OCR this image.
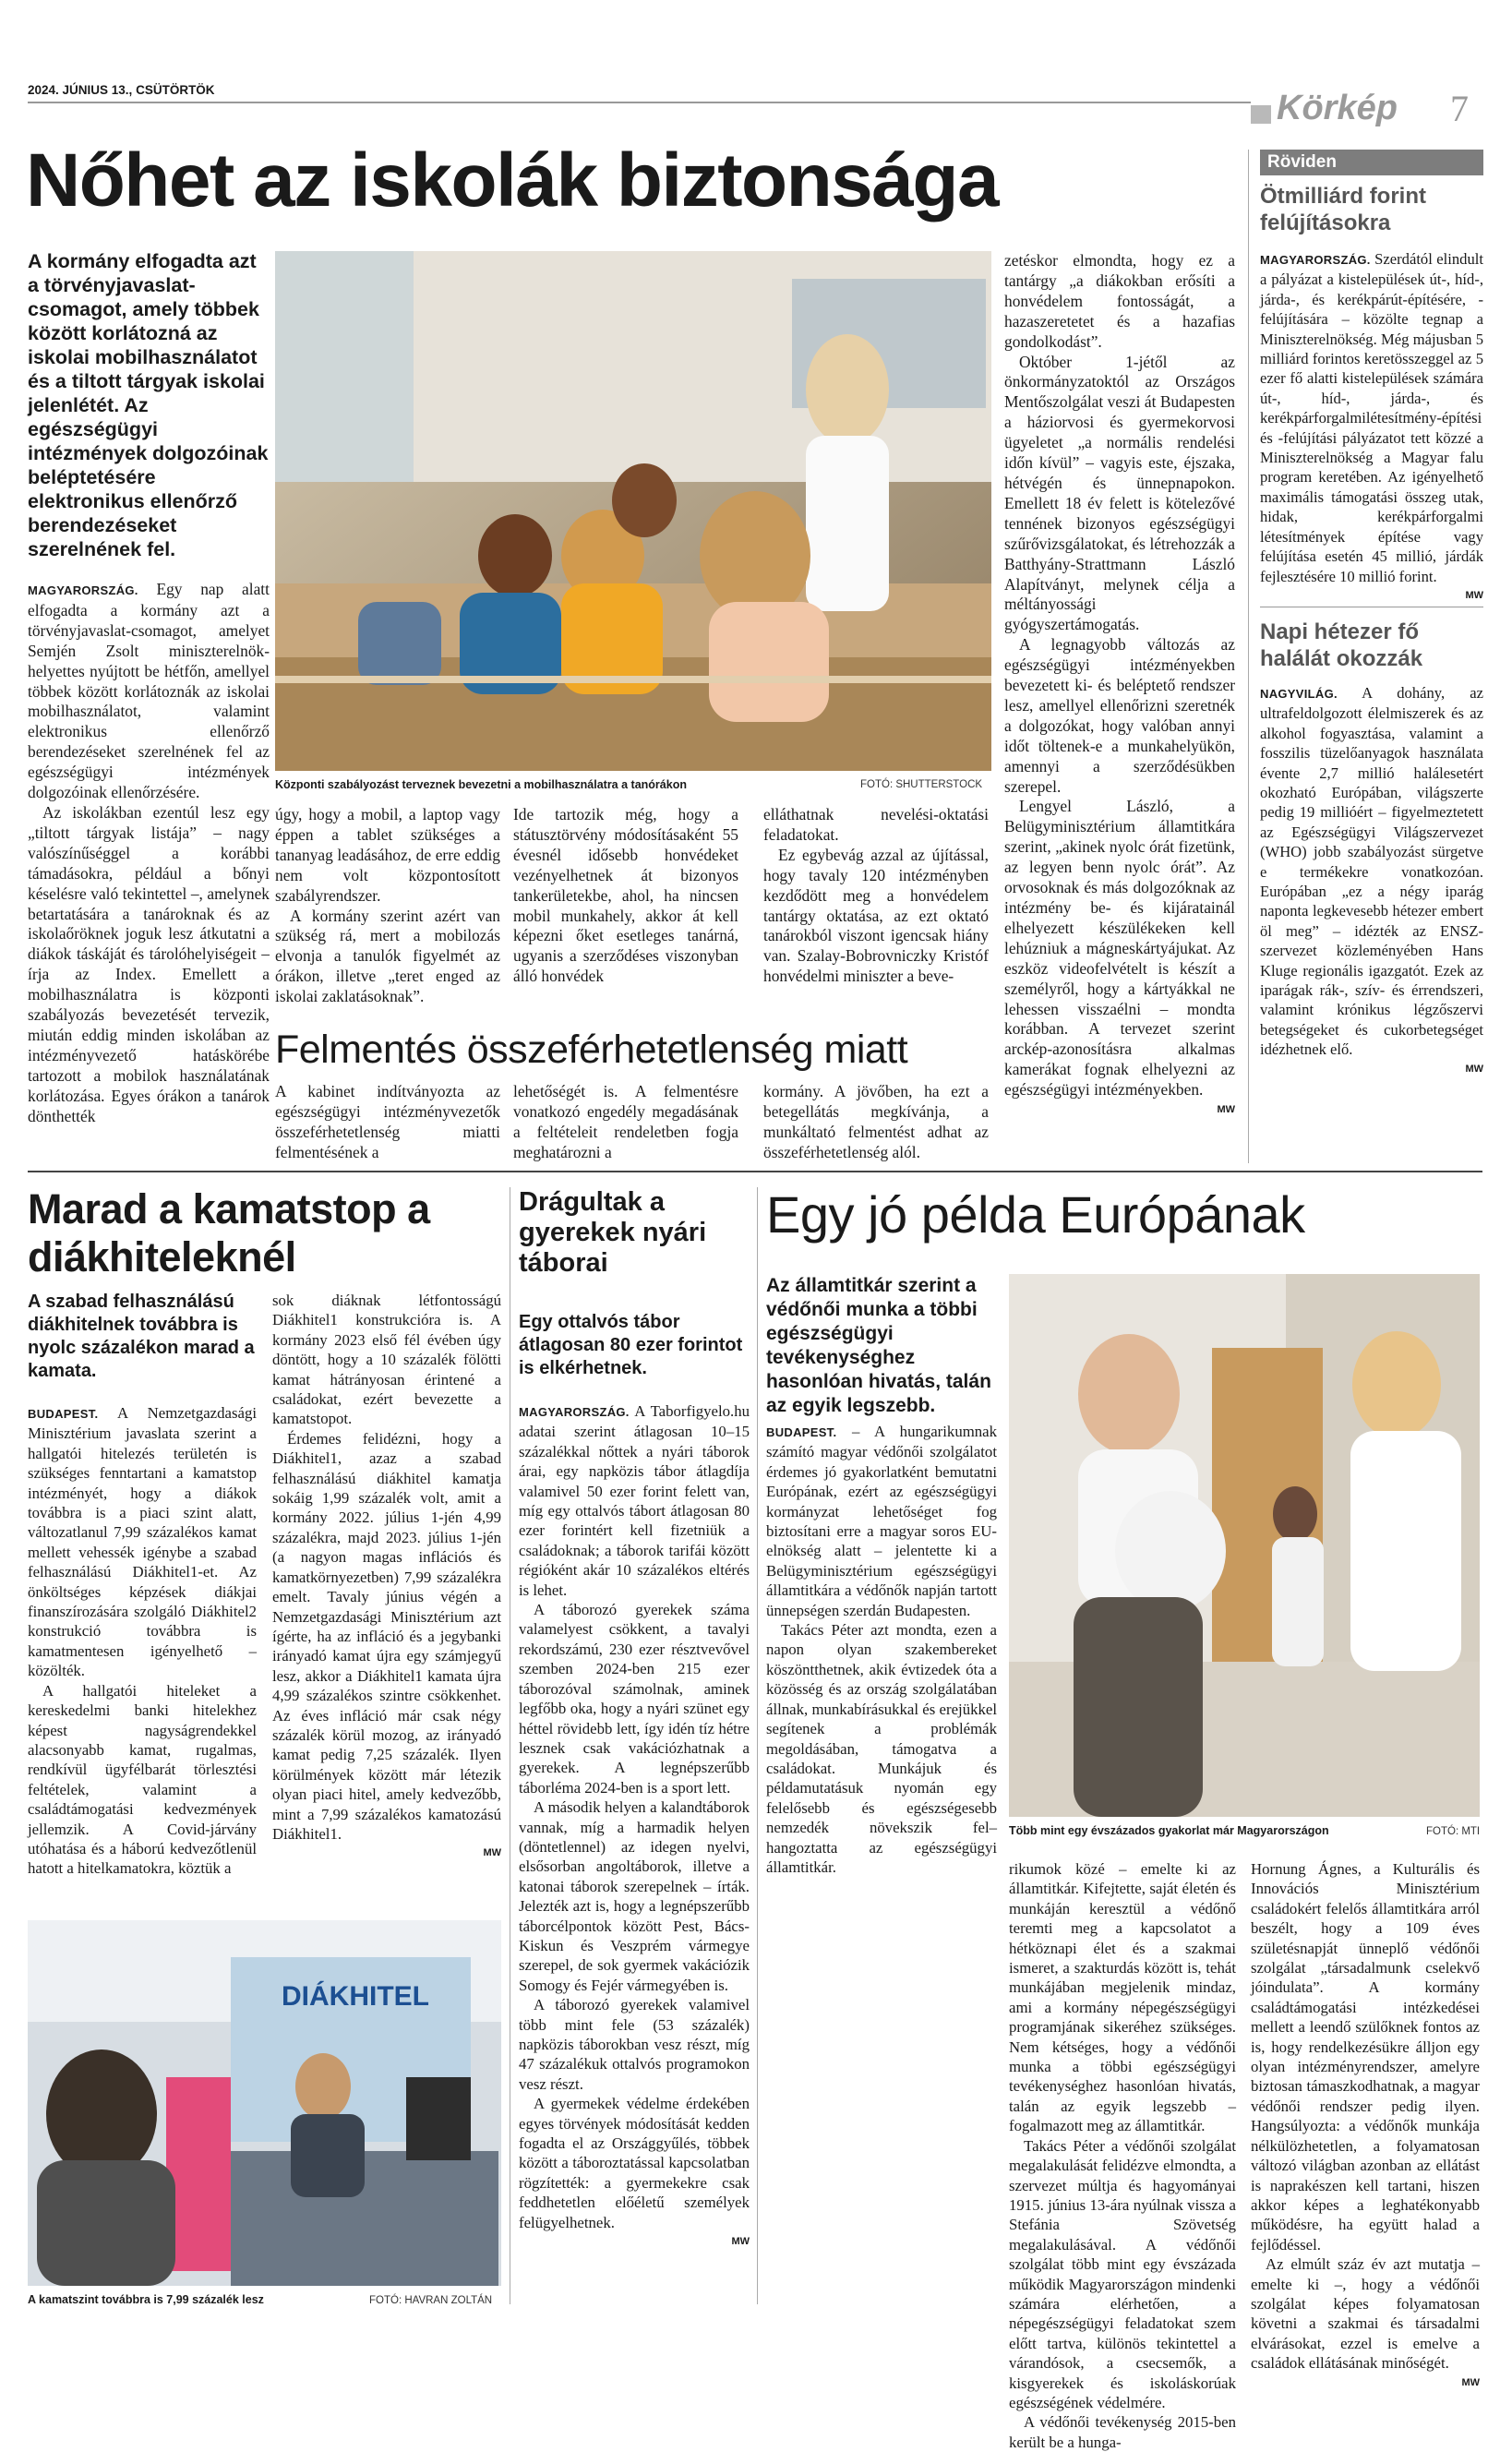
2024. JÚNIUS 13., CSÜTÖRTÖK	Körkép 7
Nőhet az iskolák biztonsága
A kormány elfogadta azt a törvényjavaslat-csomagot, amely többek között korlátozná az iskolai mobilhasználatot és a tiltott tárgyak iskolai jelenlétét. Az egészségügyi intézmények dolgozóinak beléptetésére elektronikus ellenőrző berendezéseket szerelnének fel.

MAGYARORSZÁG. Egy nap alatt elfogadta a kormány azt a törvényjavaslat-csomagot, amelyet Semjén Zsolt miniszterelnök-helyettes nyújtott be hétfőn, amellyel többek között korlátoznák az iskolai mobilhasználatot, valamint elektronikus ellenőrző berendezéseket szerelnének fel az egészségügyi intézmények dolgozóinak ellenőrzésére.

Az iskolákban ezentúl lesz egy „tiltott tárgyak listája” – nagy valószínűséggel a korábbi támadásokra, például a bőnyi késelésre való tekintettel –, amelynek betartatására a tanároknak és az iskolaőröknek joguk lesz átkutatni a diákok táskáját és tárolóhelyiségeit – írja az Index. Emellett a mobilhasználatra is központi szabályozás bevezetését tervezik, miután eddig minden iskolában az intézményvezető hatáskörébe tartozott a mobilok használatának korlátozása. Egyes órákon a tanárok dönthették

Központi szabályozást terveznek bevezetni a mobilhasználatra a tanórákon	FOTÓ: SHUTTERSTOCK

úgy, hogy a mobil, a laptop vagy éppen a tablet szükséges a tananyag leadásához, de erre eddig nem volt központosított szabályrendszer.

A kormány szerint azért van szükség rá, mert a mobilozás elvonja a tanulók figyelmét az órákon, illetve „teret enged az iskolai zaklatásoknak”.

Ide tartozik még, hogy a státusztörvény módosításaként 55 évesnél idősebb honvédeket vezényelhetnek át bizonyos tankerületekbe, ahol, ha nincsen mobil munkahely, akkor át kell képezni őket esetleges tanárná, ugyanis a szerződéses viszonyban álló honvédek

elláthatnak nevelési-oktatási feladatokat.

Ez egybevág azzal az újítással, hogy tavaly 120 intézményben kezdődött meg a honvédelem tantárgy oktatása, az ezt oktató tanárokból viszont igencsak hiány van. Szalay-Bobrovniczky Kristóf honvédelmi miniszter a beve-

zetéskor elmondta, hogy ez a tantárgy „a diákokban erősíti a honvédelem fontosságát, a hazaszeretetet és a hazafias gondolkodást”.

Október 1-jétől az önkormányzatoktól az Országos Mentőszolgálat veszi át Budapesten a háziorvosi és gyermekorvosi ügyeletet „a normális rendelési időn kívül” – vagyis este, éjszaka, hétvégén és ünnepnapokon. Emellett 18 év felett is kötelezővé tennének bizonyos egészségügyi szűrővizsgálatokat, és létrehozzák a Batthyány-Strattmann László Alapítványt, melynek célja a méltányossági gyógyszertámogatás.

A legnagyobb változás az egészségügyi intézményekben bevezetett ki- és beléptető rendszer lesz, amellyel ellenőrizni szeretnék a dolgozókat, hogy valóban annyi időt töltenek-e a munkahelyükön, amennyi a szerződésükben szerepel.

Lengyel László, a Belügyminisztérium államtitkára szerint, „akinek nyolc órát fizetünk, az legyen benn nyolc órát”. Az orvosoknak és más dolgozóknak az intézmény be- és kijáratainál elhelyezett készülékeken kell lehúzniuk a mágneskártyájukat. Az eszköz videofelvételt is készít a személyről, hogy a kártyákkal ne lehessen visszaélni – mondta korábban. A tervezet szerint arckép-azonosításra alkalmas kamerákat fognak elhelyezni az egészségügyi intézményekben.

MW
Felmentés összeférhetetlenség miatt
A kabinet indítványozta az egészségügyi intézményvezetők összeférhetetlenség miatti felmentésének a
lehetőségét is. A felmentésre vonatkozó engedély megadásának a feltételeit rendeletben fogja meghatározni a
kormány. A jövőben, ha ezt a betegellátás megkívánja, a munkáltató felmentést adhat az összeférhetetlenség alól.
Röviden
Ötmilliárd forint felújításokra

MAGYARORSZÁG. Szerdától elindult a pályázat a kistelepülések út-, híd-, járda-, és kerékpárút-építésére, -felújítására – közölte tegnap a Miniszterelnökség. Még májusban 5 milliárd forintos keretösszeggel az 5 ezer fő alatti kistelepülések számára út-, híd-, járda-, és kerékpárforgalmilétesítmény-építési és -felújítási pályázatot tett közzé a Miniszterelnökség a Magyar falu program keretében. Az igényelhető maximális támogatási összeg utak, hidak, kerékpárforgalmi létesítmények építése vagy felújítása esetén 45 millió, járdák fejlesztésére 10 millió forint.

MW
Napi hétezer fő halálát okozzák

NAGYVILÁG. A dohány, az ultrafeldolgozott élelmiszerek és az alkohol fogyasztása, valamint a fosszilis tüzelőanyagok használata évente 2,7 millió halálesetért okozható Európában, világszerte pedig 19 millióért – figyelmeztetett az Egészségügyi Világszervezet (WHO) jobb szabályozást sürgetve e termékekre vonatkozóan. Európában „ez a négy iparág naponta legkevesebb hétezer embert öl meg” – idézték az ENSZ-szervezet közleményében Hans Kluge regionális igazgatót. Ezek az iparágak rák-, szív- és érrendszeri, valamint krónikus légzőszervi betegségeket és cukorbetegséget idézhetnek elő.

MW
Marad a kamatstop a diákhiteleknél
A szabad felhasználású diákhitelnek továbbra is nyolc százalékon marad a kamata.

BUDAPEST. A Nemzetgazdasági Minisztérium javaslata szerint a hallgatói hitelezés területén is szükséges fenntartani a kamatstop intézményét, hogy a diákok továbbra is a piaci szint alatt, változatlanul 7,99 százalékos kamat mellett vehessék igénybe a szabad felhasználású Diákhitel1-et. Az önköltséges képzések diákjai finanszírozására szolgáló Diákhitel2 konstrukció továbbra is kamatmentesen igényelhető – közölték.

A hallgatói hiteleket a kereskedelmi banki hitelekhez képest nagyságrendekkel alacsonyabb kamat, rugalmas, rendkívül ügyfélbarát törlesztési feltételek, valamint a családtámogatási kedvezmények jellemzik. A Covid-járvány utóhatása és a háború kedvezőtlenül hatott a hitelkamatokra, köztük a

sok diáknak létfontosságú Diákhitel1 konstrukcióra is. A kormány 2023 első fél évében úgy döntött, hogy a 10 százalék fölötti kamat hátrányosan érintené a családokat, ezért bevezette a kamatstopot.

Érdemes felidézni, hogy a Diákhitel1, azaz a szabad felhasználású diákhitel kamatja sokáig 1,99 százalék volt, amit a kormány 2022. július 1-jén 4,99 százalékra, majd 2023. július 1-jén (a nagyon magas inflációs és kamatkörnyezetben) 7,99 százalékra emelt. Tavaly június végén a Nemzetgazdasági Minisztérium azt ígérte, ha az infláció és a jegybanki irányadó kamat újra egy számjegyű lesz, akkor a Diákhitel1 kamata újra 4,99 százalékos szintre csökkenhet. Az éves infláció már csak négy százalék körül mozog, az irányadó kamat pedig 7,25 százalék. Ilyen körülmények között már létezik olyan piaci hitel, amely kedvezőbb, mint a 7,99 százalékos kamatozású Diákhitel1.

MW
DIÁKHITEL
A kamatszint továbbra is 7,99 százalék lesz	FOTÓ: HAVRAN ZOLTÁN
Drágultak a gyerekek nyári táborai
Egy ottalvós tábor átlagosan 80 ezer forintot is elkérhetnek.

MAGYARORSZÁG. A Taborfigyelo.hu adatai szerint átlagosan 10–15 százalékkal nőttek a nyári táborok árai, egy napközis tábor átlagdíja valamivel 50 ezer forint felett van, míg egy ottalvós tábort átlagosan 80 ezer forintért kell fizetniük a családoknak; a táborok tarifái között régióként akár 10 százalékos eltérés is lehet.

A táborozó gyerekek száma valamelyest csökkent, a tavalyi rekordszámú, 230 ezer résztvevővel szemben 2024-ben 215 ezer táborozóval számolnak, aminek legfőbb oka, hogy a nyári szünet egy héttel rövidebb lett, így idén tíz hétre lesznek csak vakációzhatnak a gyerekek. A legnépszerűbb táborléma 2024-ben is a sport lett.

A második helyen a kalandtáborok vannak, míg a harmadik helyen (döntetlennel) az idegen nyelvi, elsősorban angoltáborok, illetve a katonai táborok szerepelnek – írták. Jelezték azt is, hogy a legnépszerűbb táborcélpontok között Pest, Bács-Kiskun és Veszprém vármegye szerepel, de sok gyermek vakációzik Somogy és Fejér vármegyében is.

A táborozó gyerekek valamivel több mint fele (53 százalék) napközis táborokban vesz részt, míg 47 százalékuk ottalvós programokon vesz részt.

A gyermekek védelme érdekében egyes törvények módosítását kedden fogadta el az Országgyűlés, többek között a táboroztatással kapcsolatban rögzítették: a gyermekekre csak feddhetetlen előéletű személyek felügyelhetnek.

MW
Egy jó példa Európának
Az államtitkár szerint a védőnői munka a többi egészségügyi tevékenységhez hasonlóan hivatás, talán az egyik legszebb.

BUDAPEST. – A hungarikumnak számító magyar védőnői szolgálatot érdemes jó gyakorlatként bemutatni Európának, ezért az egészségügyi kormányzat lehetőséget fog biztosítani erre a magyar soros EU-elnökség alatt – jelentette ki a Belügyminisztérium egészségügyi államtitkára a védőnők napján tartott ünnepségen szerdán Budapesten.

Takács Péter azt mondta, ezen a napon olyan szakembereket köszöntthetnek, akik évtizedek óta a közösség és az ország szolgálatában állnak, munkabírásukkal és erejükkel segítenek a problémák megoldásában, támogatva a családokat. Munkájuk és példamutatásuk nyomán egy felelősebb és egészségesebb nemzedék növekszik fel– hangoztatta az egészségügyi államtitkár.

Több mint egy évszázados gyakorlat már Magyarországon	FOTÓ: MTI

rikumok közé – emelte ki az államtitkár. Kifejtette, saját életén és munkáján keresztül a védőnő teremti meg a kapcsolatot a hétköznapi élet és a szakmai ismeret, a szakturdás között is, tehát munkájában megjelenik mindaz, ami a kormány népegészségügyi programjának sikeréhez szükséges. Nem kétséges, hogy a védőnői munka a többi egészségügyi tevékenységhez hasonlóan hivatás, talán az egyik legszebb – fogalmazott meg az államtitkár.

Takács Péter a védőnői szolgálat megalakulását felidézve elmondta, a szervezet múltja és hagyományai 1915. június 13-ára nyúlnak vissza a Stefánia Szövetség megalakulásával. A védőnői szolgálat több mint egy évszázada működik Magyarországon mindenki számára elérhetően, a népegészségügyi feladatokat szem előtt tartva, különös tekintettel a várandósok, a csecsemők, a kisgyerekek és iskoláskorúak egészségének védelmére.

A védőnői tevékenység 2015-ben került be a hunga-

Hornung Ágnes, a Kulturális és Innovációs Minisztérium családokért felelős államtitkára arról beszélt, hogy a 109 éves születésnapját ünneplő védőnői szolgálat „társadalmunk cselekvő jóindulata”. A kormány családtámogatási intézkedései mellett a leendő szülőknek fontos az is, hogy rendelkezésükre álljon egy olyan intézményrendszer, amelyre biztosan támaszkodhatnak, a magyar védőnői rendszer pedig ilyen. Hangsúlyozta: a védőnők munkája nélkülözhetetlen, a folyamatosan változó világban azonban az ellátást is naprakészen kell tartani, hiszen akkor képes a leghatékonyabb működésre, ha együtt halad a fejlődéssel.

Az elmúlt száz év azt mutatja – emelte ki –, hogy a védőnői szolgálat képes folyamatosan követni a szakmai és társadalmi elvárásokat, ezzel is emelve a családok ellátásának minőségét.

MW
